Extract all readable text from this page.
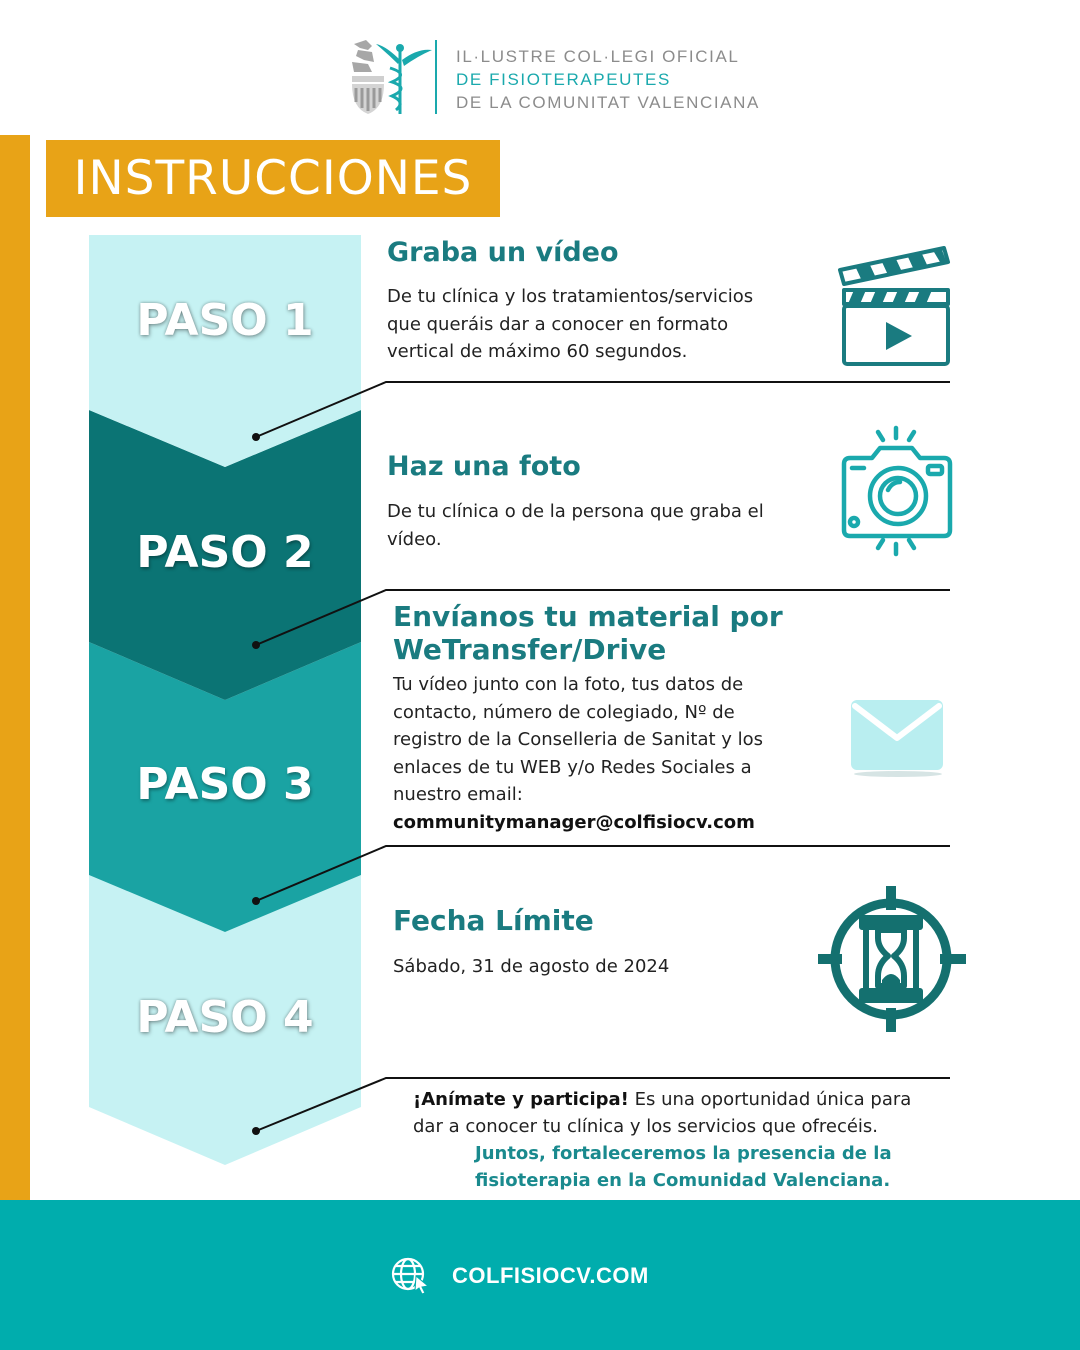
IL·LUSTRE COL·LEGI OFICIAL
DE FISIOTERAPEUTES
DE LA COMUNITAT VALENCIANA
INSTRUCCIONES
PASO 1
PASO 2
PASO 3
PASO 4
Graba un vídeo
De tu clínica y los tratamientos/servicios
que queráis dar a conocer en formato
vertical de máximo 60 segundos.
Haz una foto
De tu clínica o de la persona que graba el
vídeo.
Envíanos tu material por
WeTransfer/Drive
Tu vídeo junto con la foto, tus datos de
contacto, número de colegiado, Nº de
registro de la Conselleria de Sanitat y los
enlaces de tu WEB y/o Redes Sociales a
nuestro email:
communitymanager@colfisiocv.com
Fecha Límite
Sábado, 31 de agosto de 2024
¡Anímate y participa! Es una oportunidad única para
dar a conocer tu clínica y los servicios que ofrecéis.
Juntos, fortaleceremos la presencia de la
fisioterapia en la Comunidad Valenciana.
COLFISIOCV.COM
